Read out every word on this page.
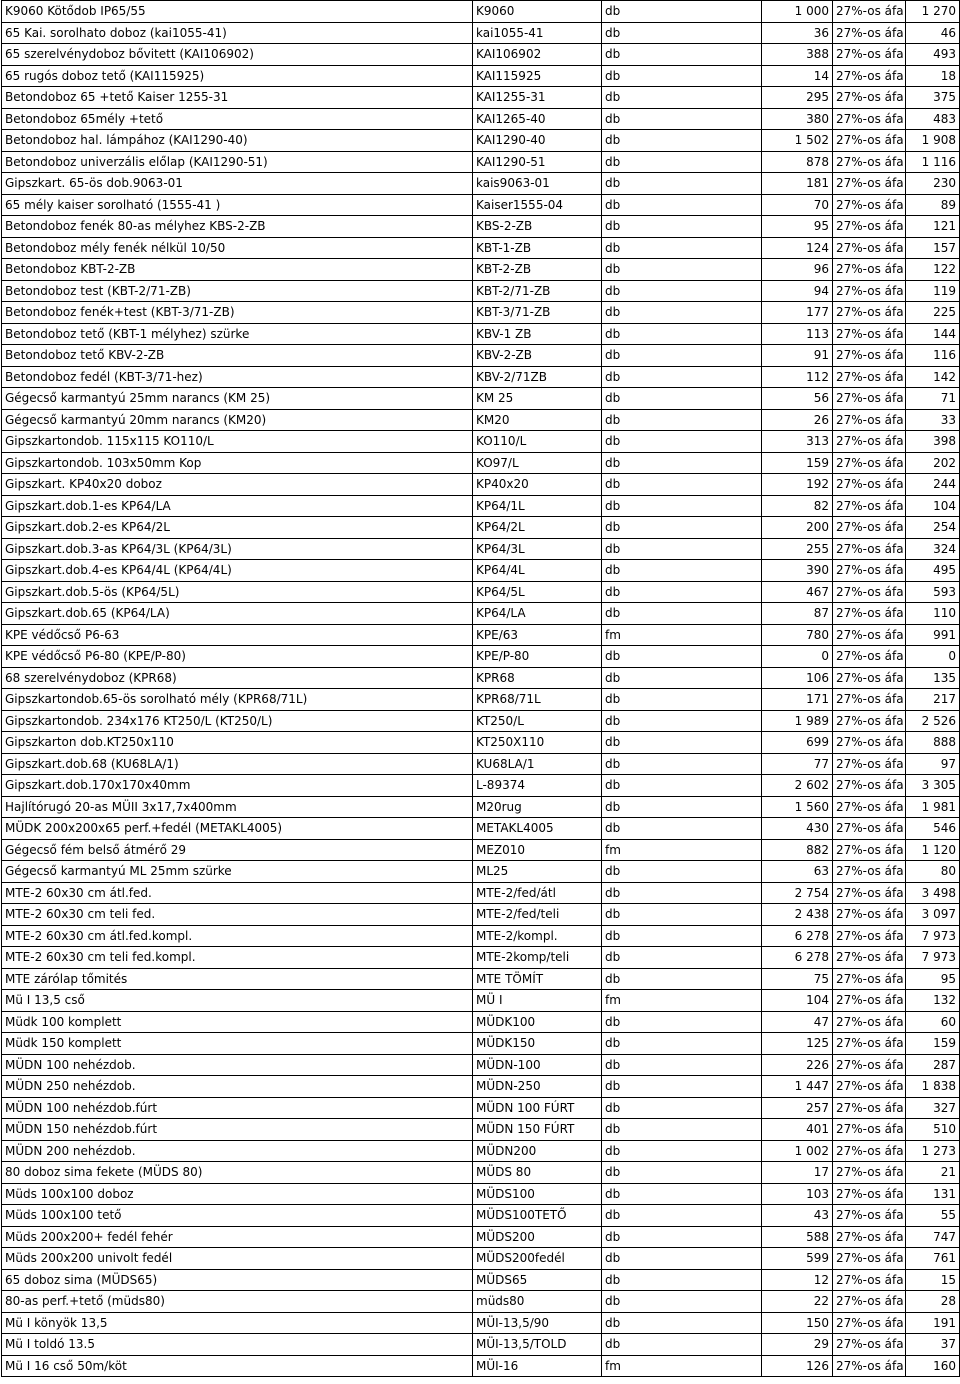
K9060 Kötődob IP65/55	K9060	db	1 000	27%-os áfa	1 270
65 Kai. sorolhato doboz (kai1055-41)	kai1055-41	db	36	27%-os áfa	46
65 szerelvénydoboz bővitett (KAI106902)	KAI106902	db	388	27%-os áfa	493
65 rugós doboz tető (KAI115925)	KAI115925	db	14	27%-os áfa	18
Betondoboz 65 +tető Kaiser 1255-31	KAI1255-31	db	295	27%-os áfa	375
Betondoboz 65mély +tető	KAI1265-40	db	380	27%-os áfa	483
Betondoboz hal. lámpához (KAI1290-40)	KAI1290-40	db	1 502	27%-os áfa	1 908
Betondoboz univerzális előlap (KAI1290-51)	KAI1290-51	db	878	27%-os áfa	1 116
Gipszkart. 65-ös dob.9063-01	kais9063-01	db	181	27%-os áfa	230
65 mély kaiser sorolható (1555-41 )	Kaiser1555-04	db	70	27%-os áfa	89
Betondoboz fenék 80-as mélyhez KBS-2-ZB	KBS-2-ZB	db	95	27%-os áfa	121
Betondoboz mély fenék nélkül 10/50	KBT-1-ZB	db	124	27%-os áfa	157
Betondoboz KBT-2-ZB	KBT-2-ZB	db	96	27%-os áfa	122
Betondoboz test (KBT-2/71-ZB)	KBT-2/71-ZB	db	94	27%-os áfa	119
Betondoboz fenék+test (KBT-3/71-ZB)	KBT-3/71-ZB	db	177	27%-os áfa	225
Betondoboz tető (KBT-1 mélyhez) szürke	KBV-1 ZB	db	113	27%-os áfa	144
Betondoboz tető KBV-2-ZB	KBV-2-ZB	db	91	27%-os áfa	116
Betondoboz fedél (KBT-3/71-hez)	KBV-2/71ZB	db	112	27%-os áfa	142
Gégecső karmantyú 25mm narancs (KM 25)	KM 25	db	56	27%-os áfa	71
Gégecső karmantyú 20mm narancs (KM20)	KM20	db	26	27%-os áfa	33
Gipszkartondob. 115x115 KO110/L	KO110/L	db	313	27%-os áfa	398
Gipszkartondob. 103x50mm Kop	KO97/L	db	159	27%-os áfa	202
Gipszkart. KP40x20 doboz	KP40x20	db	192	27%-os áfa	244
Gipszkart.dob.1-es KP64/LA	KP64/1L	db	82	27%-os áfa	104
Gipszkart.dob.2-es KP64/2L	KP64/2L	db	200	27%-os áfa	254
Gipszkart.dob.3-as KP64/3L (KP64/3L)	KP64/3L	db	255	27%-os áfa	324
Gipszkart.dob.4-es KP64/4L (KP64/4L)	KP64/4L	db	390	27%-os áfa	495
Gipszkart.dob.5-ös (KP64/5L)	KP64/5L	db	467	27%-os áfa	593
Gipszkart.dob.65 (KP64/LA)	KP64/LA	db	87	27%-os áfa	110
KPE védőcső P6-63	KPE/63	fm	780	27%-os áfa	991
KPE védőcső P6-80 (KPE/P-80)	KPE/P-80	db	0	27%-os áfa	0
68 szerelvénydoboz (KPR68)	KPR68	db	106	27%-os áfa	135
Gipszkartondob.65-ös sorolható mély (KPR68/71L)	KPR68/71L	db	171	27%-os áfa	217
Gipszkartondob. 234x176 KT250/L (KT250/L)	KT250/L	db	1 989	27%-os áfa	2 526
Gipszkarton dob.KT250x110	KT250X110	db	699	27%-os áfa	888
Gipszkart.dob.68 (KU68LA/1)	KU68LA/1	db	77	27%-os áfa	97
Gipszkart.dob.170x170x40mm	L-89374	db	2 602	27%-os áfa	3 305
Hajlítórugó 20-as MÜII 3x17,7x400mm	M20rug	db	1 560	27%-os áfa	1 981
MÜDK 200x200x65 perf.+fedél (METAKL4005)	METAKL4005	db	430	27%-os áfa	546
Gégecső fém belső átmérő 29	MEZ010	fm	882	27%-os áfa	1 120
Gégecső karmantyú ML 25mm szürke	ML25	db	63	27%-os áfa	80
MTE-2 60x30 cm átl.fed.	MTE-2/fed/átl	db	2 754	27%-os áfa	3 498
MTE-2 60x30 cm teli fed.	MTE-2/fed/teli	db	2 438	27%-os áfa	3 097
MTE-2 60x30 cm átl.fed.kompl.	MTE-2/kompl.	db	6 278	27%-os áfa	7 973
MTE-2 60x30 cm teli fed.kompl.	MTE-2komp/teli	db	6 278	27%-os áfa	7 973
MTE zárólap tőmités	MTE TÖMÍT	db	75	27%-os áfa	95
Mü I 13,5 cső	MÜ I	fm	104	27%-os áfa	132
Müdk 100 komplett	MÜDK100	db	47	27%-os áfa	60
Müdk 150 komplett	MÜDK150	db	125	27%-os áfa	159
MÜDN 100 nehézdob.	MÜDN-100	db	226	27%-os áfa	287
MÜDN 250 nehézdob.	MÜDN-250	db	1 447	27%-os áfa	1 838
MÜDN 100 nehézdob.fúrt	MÜDN 100 FÚRT	db	257	27%-os áfa	327
MÜDN 150 nehézdob.fúrt	MÜDN 150 FÚRT	db	401	27%-os áfa	510
MÜDN 200 nehézdob.	MÜDN200	db	1 002	27%-os áfa	1 273
80 doboz sima fekete (MÜDS 80)	MÜDS 80	db	17	27%-os áfa	21
Müds 100x100 doboz	MÜDS100	db	103	27%-os áfa	131
Müds 100x100 tető	MÜDS100TETŐ	db	43	27%-os áfa	55
Müds 200x200+ fedél fehér	MÜDS200	db	588	27%-os áfa	747
Müds 200x200 univolt fedél	MÜDS200fedél	db	599	27%-os áfa	761
65 doboz sima (MÜDS65)	MÜDS65	db	12	27%-os áfa	15
80-as perf.+tető (müds80)	müds80	db	22	27%-os áfa	28
Mü I könyök 13,5	MÜI-13,5/90	db	150	27%-os áfa	191
Mü I toldó 13.5	MÜI-13,5/TOLD	db	29	27%-os áfa	37
Mü I 16 cső 50m/köt	MÜI-16	fm	126	27%-os áfa	160
